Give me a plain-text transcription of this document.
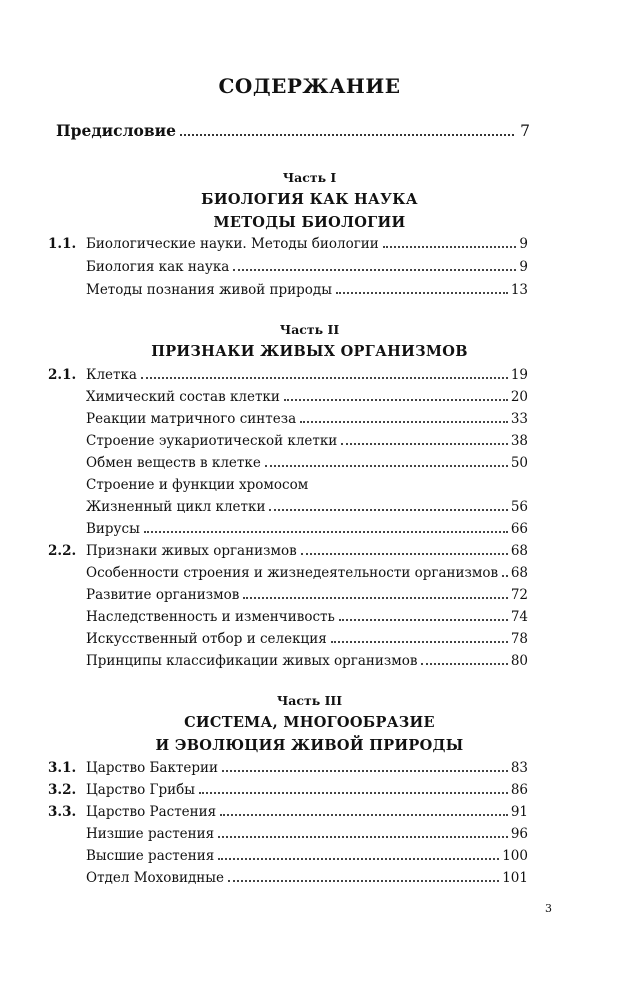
СОДЕРЖАНИЕ
Предисловие	7
Часть I
БИОЛОГИЯ КАК НАУКА
МЕТОДЫ БИОЛОГИИ
1.1. Биологические науки. Методы биологии	9
Биология как наука	9
Методы познания живой природы	13
Часть II
ПРИЗНАКИ ЖИВЫХ ОРГАНИЗМОВ
2.1. Клетка	19
Химический состав клетки	20
Реакции матричного синтеза	33
Строение эукариотической клетки	38
Обмен веществ в клетке	50
Строение и функции хромосом
Жизненный цикл клетки	56
Вирусы	66
2.2. Признаки живых организмов	68
Особенности строения и жизнедеятельности организмов 68
Развитие организмов	72
Наследственность и изменчивость	74
Искусственный отбор и селекция	78
Принципы классификации живых организмов	80
Часть III
СИСТЕМА, МНОГООБРАЗИЕ
И ЭВОЛЮЦИЯ ЖИВОЙ ПРИРОДЫ
3.1. Царство Бактерии	83
3.2. Царство Грибы	86
3.3. Царство Растения	91
Низшие растения	96
Высшие растения	100
Отдел Моховидные	101
3
